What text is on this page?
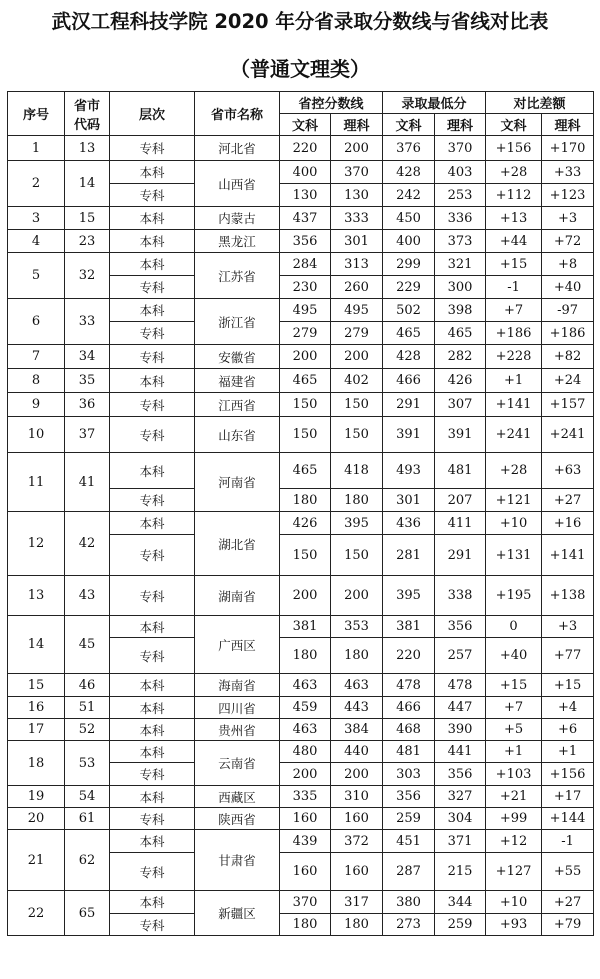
武汉工程科技学院 2020 年分省录取分数线与省线对比表
（普通文理类）
序号	省市
代码	层次	省市名称	省控分数线		录取最低分		对比差额	
				文科	理科	文科	理科	文科	理科
1	13	专科	河北省	220	200	376	370	+156	+170
2	14	本科	山西省	400	370	428	403	+28	+33
		专科		130	130	242	253	+112	+123
3	15	本科	内蒙古	437	333	450	336	+13	+3
4	23	本科	黑龙江	356	301	400	373	+44	+72
5	32	本科	江苏省	284	313	299	321	+15	+8
		专科		230	260	229	300	-1	+40
6	33	本科	浙江省	495	495	502	398	+7	-97
		专科		279	279	465	465	+186	+186
7	34	专科	安徽省	200	200	428	282	+228	+82
8	35	本科	福建省	465	402	466	426	+1	+24
9	36	专科	江西省	150	150	291	307	+141	+157
10	37	专科	山东省	150	150	391	391	+241	+241
11	41	本科	河南省	465	418	493	481	+28	+63
		专科		180	180	301	207	+121	+27
12	42	本科	湖北省	426	395	436	411	+10	+16
		专科		150	150	281	291	+131	+141
13	43	专科	湖南省	200	200	395	338	+195	+138
14	45	本科	广西区	381	353	381	356	0	+3
		专科		180	180	220	257	+40	+77
15	46	本科	海南省	463	463	478	478	+15	+15
16	51	本科	四川省	459	443	466	447	+7	+4
17	52	本科	贵州省	463	384	468	390	+5	+6
18	53	本科	云南省	480	440	481	441	+1	+1
		专科		200	200	303	356	+103	+156
19	54	本科	西藏区	335	310	356	327	+21	+17
20	61	专科	陕西省	160	160	259	304	+99	+144
21	62	本科	甘肃省	439	372	451	371	+12	-1
		专科		160	160	287	215	+127	+55
22	65	本科	新疆区	370	317	380	344	+10	+27
		专科		180	180	273	259	+93	+79
